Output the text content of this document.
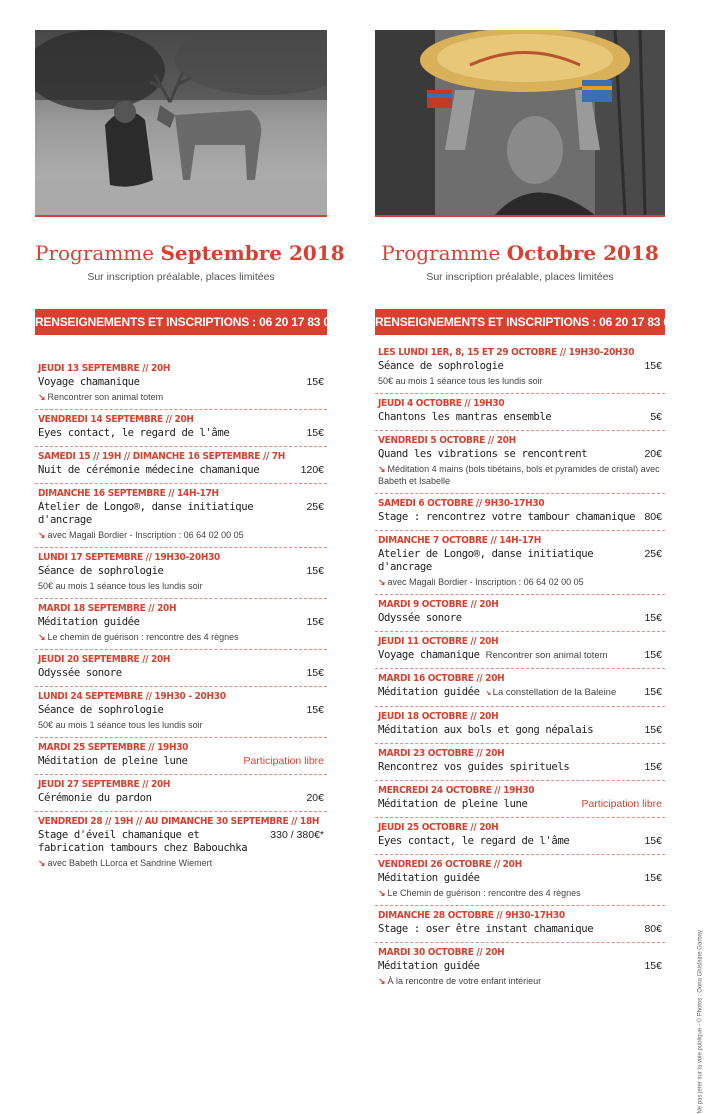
Programme Septembre 2018
Sur inscription préalable, places limitées
RENSEIGNEMENTS ET INSCRIPTIONS : 06 20 17 83 07
JEUDI 13 SEPTEMBRE // 20H
Voyage chamanique	15€
↘ Rencontrer son animal totem
VENDREDI 14 SEPTEMBRE // 20H
Eyes contact, le regard de l'âme	15€
SAMEDI 15 // 19H // DIMANCHE 16 SEPTEMBRE // 7H
Nuit de cérémonie médecine chamanique	120€
DIMANCHE 16 SEPTEMBRE // 14H-17H
Atelier de Longo®, danse initiatique d'ancrage
25€
↘ avec Magali Bordier - Inscription : 06 64 02 00 05
LUNDI 17 SEPTEMBRE // 19H30-20H30
Séance de sophrologie	15€
50€ au mois 1 séance tous les lundis soir
MARDI 18 SEPTEMBRE // 20H
Méditation guidée	15€
↘ Le chemin de guérison : rencontre des 4 règnes
JEUDI 20 SEPTEMBRE // 20H
Odyssée sonore	15€
LUNDI 24 SEPTEMBRE // 19H30 - 20H30
Séance de sophrologie	15€
50€ au mois 1 séance tous les lundis soir
MARDI 25 SEPTEMBRE // 19H30
Méditation de pleine lune	Participation libre
JEUDI 27 SEPTEMBRE // 20H
Cérémonie du pardon	20€
VENDREDI 28 // 19H // AU DIMANCHE 30 SEPTEMBRE // 18H
Stage d'éveil chamanique et fabrication tambours chez Babouchka
330 / 380€*
↘ avec Babeth LLorca et Sandrine Wiemert
Programme Octobre 2018
Sur inscription préalable, places limitées
RENSEIGNEMENTS ET INSCRIPTIONS : 06 20 17 83 07
LES LUNDI 1ER, 8, 15 ET 29 OCTOBRE // 19H30-20H30
Séance de sophrologie	15€
50€ au mois 1 séance tous les lundis soir
JEUDI 4 OCTOBRE // 19H30
Chantons les mantras ensemble	5€
VENDREDI 5 OCTOBRE // 20H
Quand les vibrations se rencontrent	20€
↘ Méditation 4 mains (bols tibétains, bols et pyramides de cristal) avec Babeth et Isabelle
SAMEDI 6 OCTOBRE // 9H30-17H30
Stage : rencontrez votre tambour chamanique 80€
DIMANCHE 7 OCTOBRE // 14H-17H
Atelier de Longo®, danse initiatique d'ancrage
25€
↘ avec Magali Bordier - Inscription : 06 64 02 00 05
MARDI 9 OCTOBRE // 20H
Odyssée sonore	15€
JEUDI 11 OCTOBRE // 20H
Voyage chamanique Rencontrer son animal totem	15€
MARDI 16 OCTOBRE // 20H
Méditation guidée ↘ La constellation de la Baleine	15€
JEUDI 18 OCTOBRE // 20H
Méditation aux bols et gong népalais	15€
MARDI 23 OCTOBRE // 20H
Rencontrez vos guides spirituels	15€
MERCREDI 24 OCTOBRE // 19H30
Méditation de pleine lune	Participation libre
JEUDI 25 OCTOBRE // 20H
Eyes contact, le regard de l'âme	15€
VENDREDI 26 OCTOBRE // 20H
Méditation guidée	15€
↘ Le Chemin de guérison : rencontre des 4 règnes
DIMANCHE 28 OCTOBRE // 9H30-17H30
Stage : oser être instant chamanique	80€
MARDI 30 OCTOBRE // 20H
Méditation guidée	15€
↘ À la rencontre de votre enfant intérieur	Ne pas jeter sur la voie publique - © Photos : Oona Ghislaine Garbay
